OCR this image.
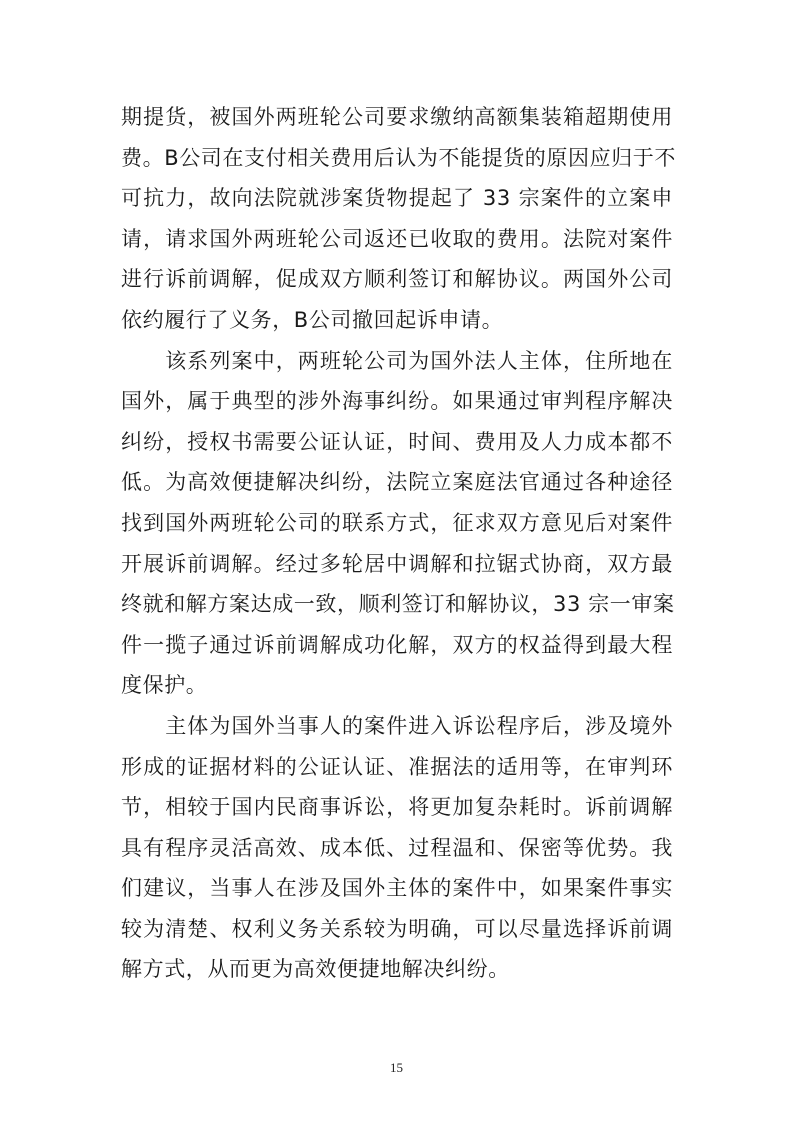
期提货，被国外两班轮公司要求缴纳高额集装箱超期使用
费。B公司在支付相关费用后认为不能提货的原因应归于不
可抗力，故向法院就涉案货物提起了 33 宗案件的立案申
请，请求国外两班轮公司返还已收取的费用。法院对案件
进行诉前调解，促成双方顺利签订和解协议。两国外公司
依约履行了义务，B公司撤回起诉申请。
　　该系列案中，两班轮公司为国外法人主体，住所地在
国外，属于典型的涉外海事纠纷。如果通过审判程序解决
纠纷，授权书需要公证认证，时间、费用及人力成本都不
低。为高效便捷解决纠纷，法院立案庭法官通过各种途径
找到国外两班轮公司的联系方式，征求双方意见后对案件
开展诉前调解。经过多轮居中调解和拉锯式协商，双方最
终就和解方案达成一致，顺利签订和解协议，33 宗一审案
件一揽子通过诉前调解成功化解，双方的权益得到最大程
度保护。
　　主体为国外当事人的案件进入诉讼程序后，涉及境外
形成的证据材料的公证认证、准据法的适用等，在审判环
节，相较于国内民商事诉讼，将更加复杂耗时。诉前调解
具有程序灵活高效、成本低、过程温和、保密等优势。我
们建议，当事人在涉及国外主体的案件中，如果案件事实
较为清楚、权利义务关系较为明确，可以尽量选择诉前调
解方式，从而更为高效便捷地解决纠纷。
15
